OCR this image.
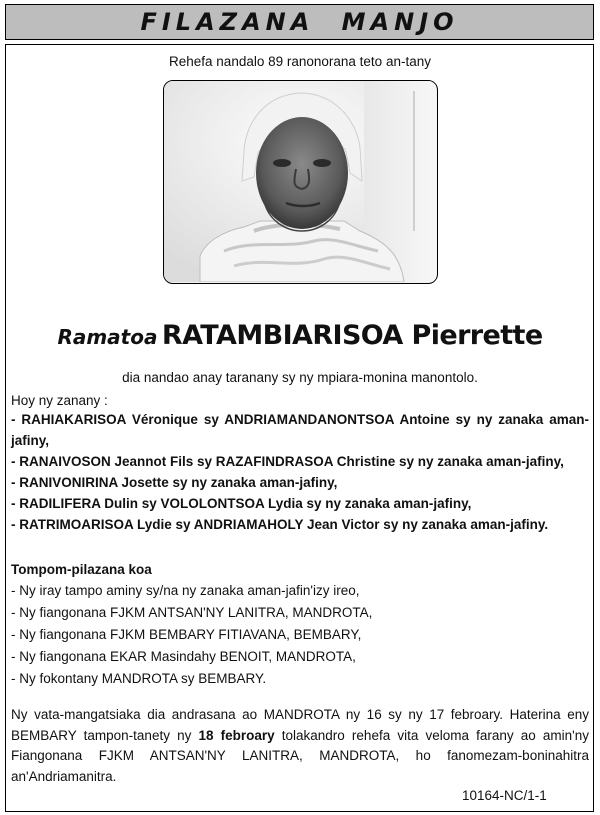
FILAZANA MANJO
Rehefa nandalo 89 ranonorana teto an-tany
Ramatoa RATAMBIARISOA Pierrette
dia nandao anay taranany sy ny mpiara-monina manontolo.
Hoy ny zanany :
- RAHIAKARISOA Véronique sy ANDRIAMANDANONTSOA Antoine sy ny zanaka aman-jafiny,
- RANAIVOSON Jeannot Fils sy RAZAFINDRASOA Christine sy ny zanaka aman-jafiny,
- RANIVONIRINA Josette sy ny zanaka aman-jafiny,
- RADILIFERA Dulin sy VOLOLONTSOA Lydia sy ny zanaka aman-jafiny,
- RATRIMOARISOA Lydie sy ANDRIAMAHOLY Jean Victor sy ny zanaka aman-jafiny.
Tompom-pilazana koa
- Ny iray tampo aminy sy/na ny zanaka aman-jafin'izy ireo,
- Ny fiangonana FJKM ANTSAN'NY LANITRA, MANDROTA,
- Ny fiangonana FJKM BEMBARY FITIAVANA, BEMBARY,
- Ny fiangonana EKAR Masindahy BENOIT, MANDROTA,
- Ny fokontany MANDROTA sy BEMBARY.
Ny vata-mangatsiaka dia andrasana ao MANDROTA ny 16 sy ny 17 febroary. Haterina eny BEMBARY tampon-tanety ny 18 febroary tolakandro rehefa vita veloma farany ao amin'ny Fiangonana FJKM ANTSAN'NY LANITRA, MANDROTA, ho fanomezam-boninahitra an'Andriamanitra.
10164-NC/1-1
